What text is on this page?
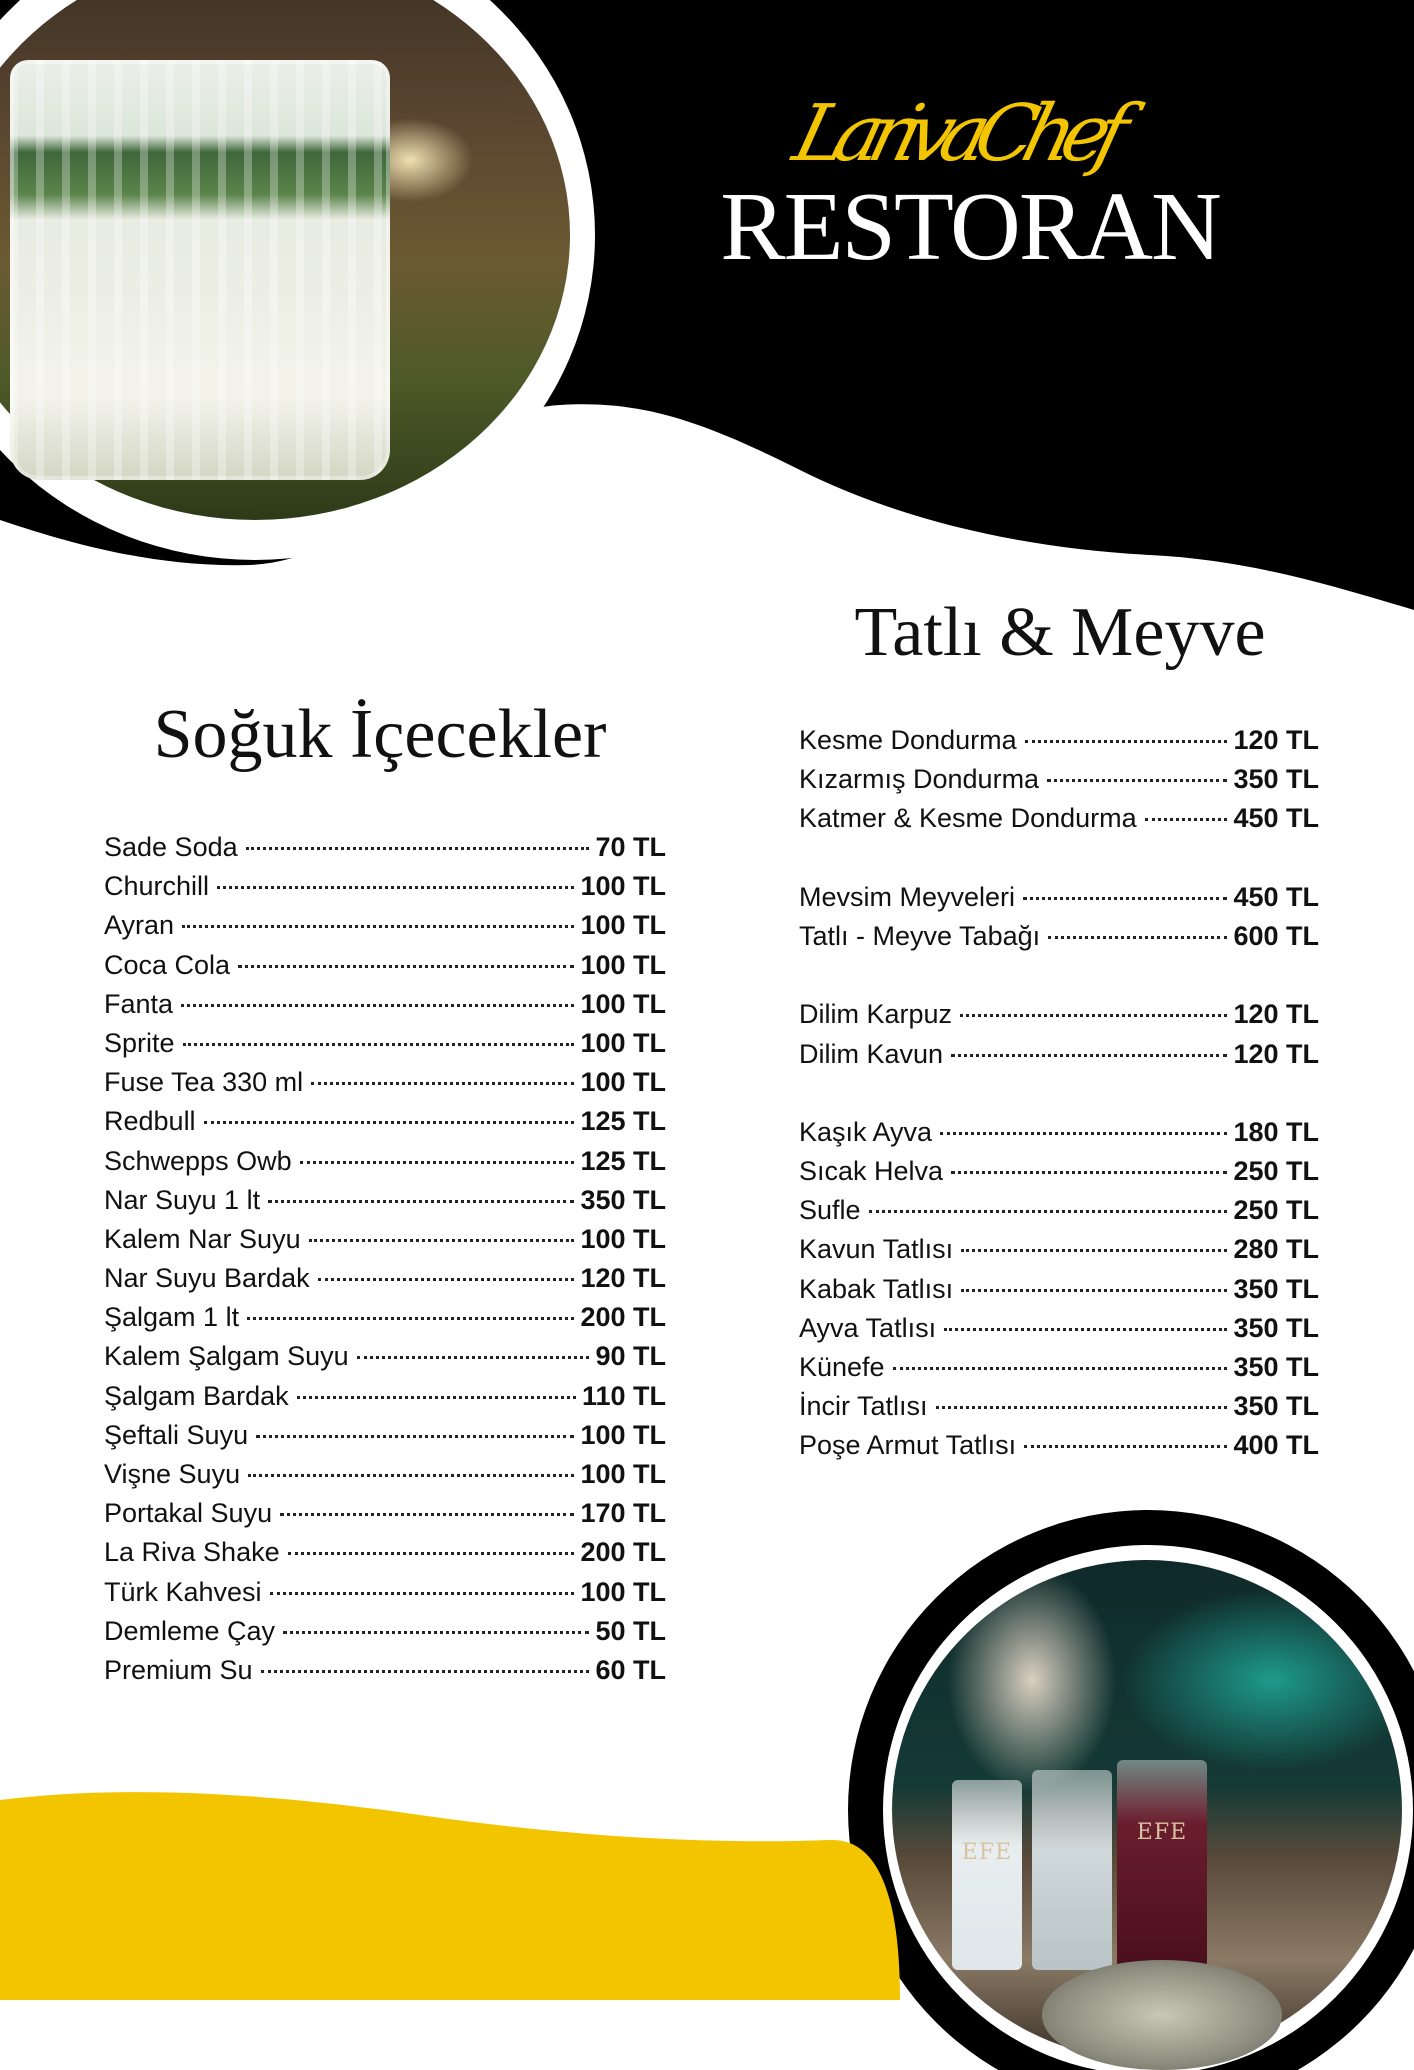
EFE
EFE
LarivaChef
RESTORAN
Tatlı & Meyve
Soğuk İçecekler
Sade Soda	70 TL
Churchill	100 TL
Ayran	100 TL
Coca Cola	100 TL
Fanta	100 TL
Sprite	100 TL
Fuse Tea 330 ml	100 TL
Redbull	125 TL
Schwepps Owb	125 TL
Nar Suyu 1 lt	350 TL
Kalem Nar Suyu	100 TL
Nar Suyu Bardak	120 TL
Şalgam 1 lt	200 TL
Kalem Şalgam Suyu	90 TL
Şalgam Bardak	110 TL
Şeftali Suyu	100 TL
Vişne Suyu	100 TL
Portakal Suyu	170 TL
La Riva Shake	200 TL
Türk Kahvesi	100 TL
Demleme Çay	50 TL
Premium Su	60 TL
Kesme Dondurma	120 TL
Kızarmış Dondurma	350 TL
Katmer & Kesme Dondurma	450 TL
Mevsim Meyveleri	450 TL
Tatlı - Meyve Tabağı	600 TL
Dilim Karpuz	120 TL
Dilim Kavun	120 TL
Kaşık Ayva	180 TL
Sıcak Helva	250 TL
Sufle	250 TL
Kavun Tatlısı	280 TL
Kabak Tatlısı	350 TL
Ayva Tatlısı	350 TL
Künefe	350 TL
İncir Tatlısı	350 TL
Poşe Armut Tatlısı	400 TL
